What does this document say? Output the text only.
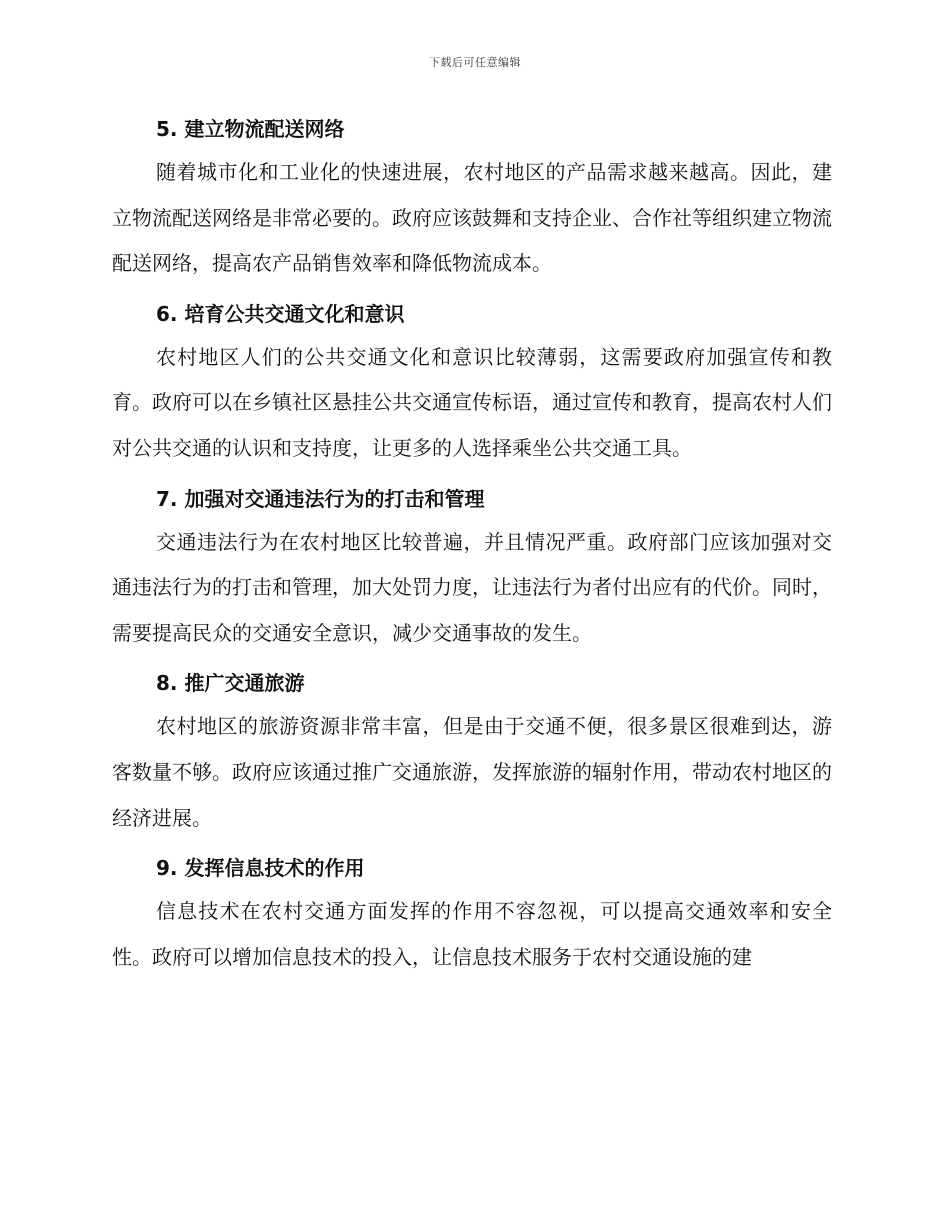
下载后可任意编辑
5. 建立物流配送网络

随着城市化和工业化的快速进展，农村地区的产品需求越来越高。因此，建立物流配送网络是非常必要的。政府应该鼓舞和支持企业、合作社等组织建立物流配送网络，提高农产品销售效率和降低物流成本。

6. 培育公共交通文化和意识

农村地区人们的公共交通文化和意识比较薄弱，这需要政府加强宣传和教育。政府可以在乡镇社区悬挂公共交通宣传标语，通过宣传和教育，提高农村人们对公共交通的认识和支持度，让更多的人选择乘坐公共交通工具。

7. 加强对交通违法行为的打击和管理

交通违法行为在农村地区比较普遍，并且情况严重。政府部门应该加强对交通违法行为的打击和管理，加大处罚力度，让违法行为者付出应有的代价。同时，需要提高民众的交通安全意识，减少交通事故的发生。

8. 推广交通旅游

农村地区的旅游资源非常丰富，但是由于交通不便，很多景区很难到达，游客数量不够。政府应该通过推广交通旅游，发挥旅游的辐射作用，带动农村地区的经济进展。

9. 发挥信息技术的作用

信息技术在农村交通方面发挥的作用不容忽视，可以提高交通效率和安全性。政府可以增加信息技术的投入，让信息技术服务于农村交通设施的建
